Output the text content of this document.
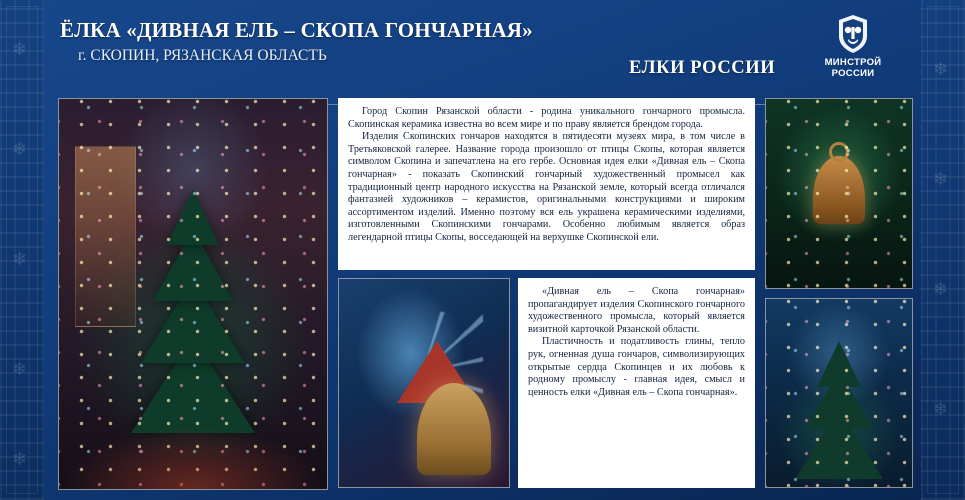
❄
❄
❄
❄
❄
❄
❄
❄
❄
ЁЛКА «ДИВНАЯ ЕЛЬ – СКОПА ГОНЧАРНАЯ»
г. СКОПИН, РЯЗАНСКАЯ ОБЛАСТЬ
ЕЛКИ РОССИИ	МИНСТРОЙ
РОССИИ

Город Скопин Рязанской области - родина уникального гончарного промысла. Скопинская керамика известна во всем мире и по праву является брендом города.

Изделия Скопинских гончаров находятся в пятидесяти музеях мира, в том числе в Третьяковской галерее. Название города произошло от птицы Скопы, которая является символом Скопина и запечатлена на его гербе. Основная идея елки «Дивная ель – Скопа гончарная» - показать Скопинский гончарный художественный промысел как традиционный центр народного искусства на Рязанской земле, который всегда отличался фантазией художников – керамистов, оригинальными конструкциями и широким ассортиментом изделий. Именно поэтому вся ель украшена керамическими изделиями, изготовленными Скопинскими гончарами. Особенно любимым является образ легендарной птицы Скопы, восседающей на верхушке Скопинской ели.

«Дивная ель – Скопа гончарная» пропагандирует изделия Скопинского гончарного художественного промысла, который является визитной карточкой Рязанской области.

Пластичность и податливость глины, тепло рук, огненная душа гончаров, символизирующих открытые сердца Скопинцев и их любовь к родному промыслу - главная идея, смысл и ценность елки «Дивная ель – Скопа гончарная».
